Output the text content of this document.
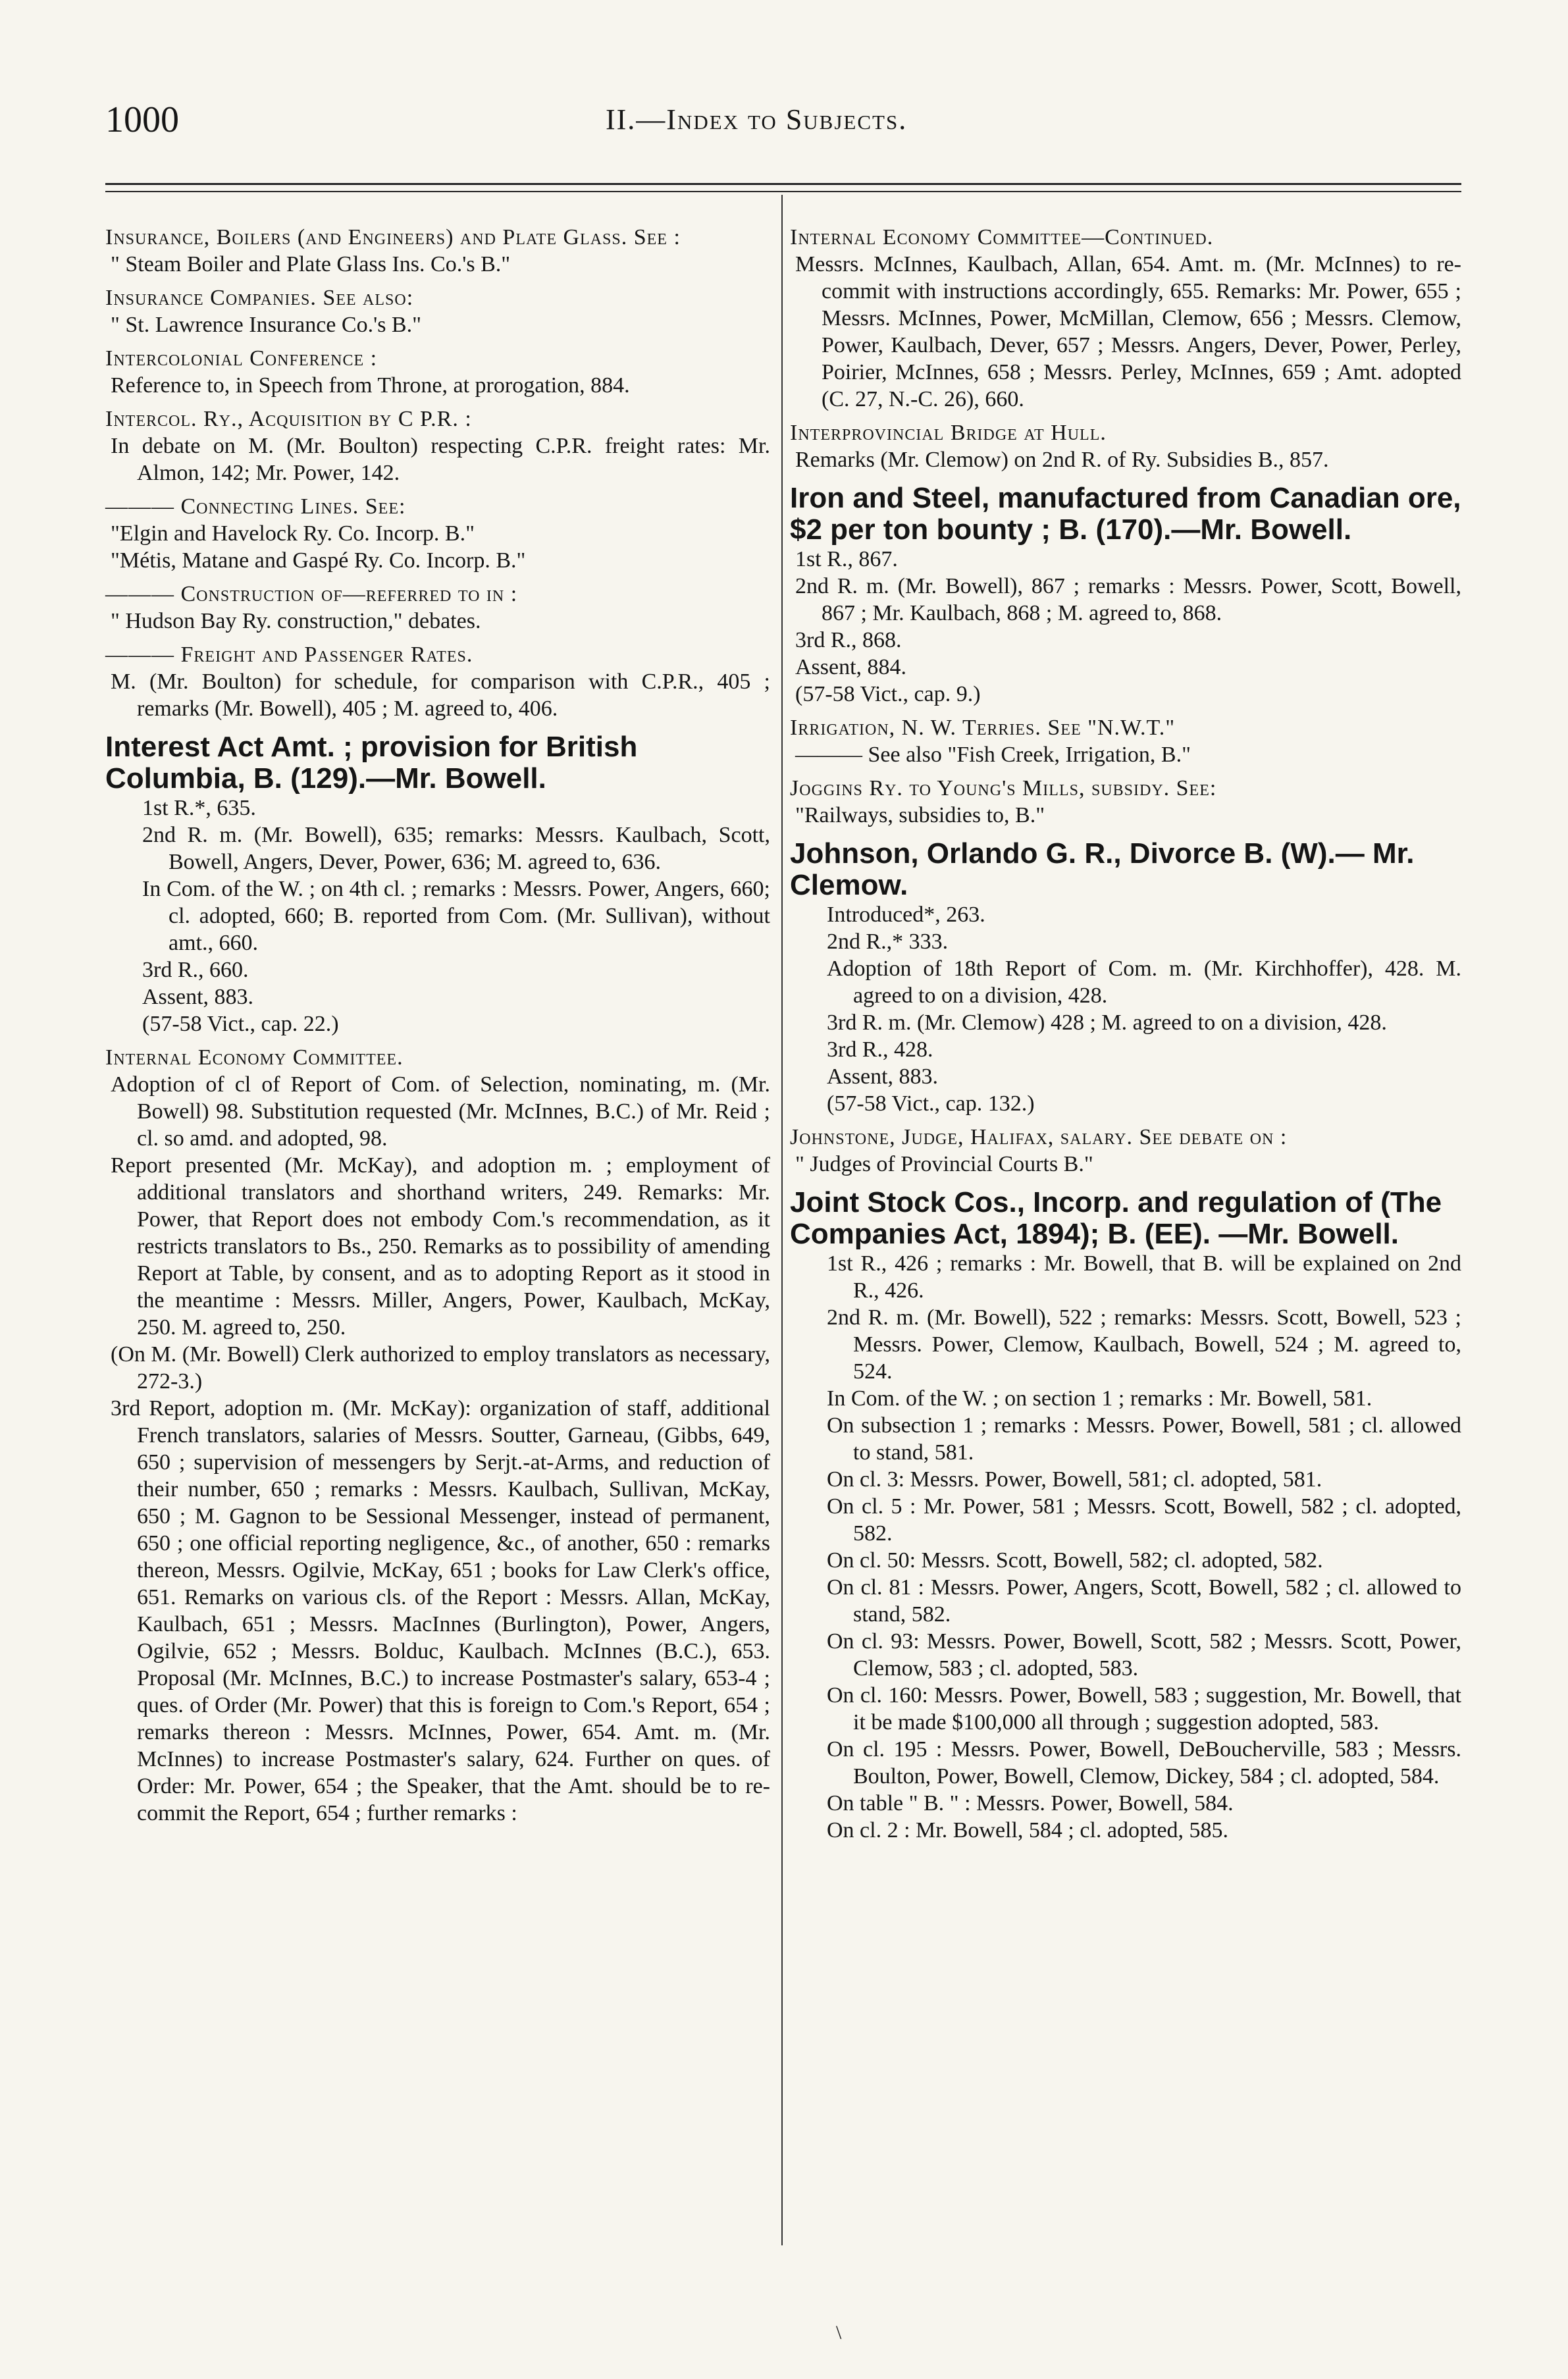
1000	II.—Index to Subjects.
Insurance, Boilers (and Engineers) and Plate Glass. See :
" Steam Boiler and Plate Glass Ins. Co.'s B."
Insurance Companies. See also:
" St. Lawrence Insurance Co.'s B."
Intercolonial Conference :
Reference to, in Speech from Throne, at prorogation, 884.
Intercol. Ry., Acquisition by C P.R. :
In debate on M. (Mr. Boulton) respecting C.P.R. freight rates: Mr. Almon, 142; Mr. Power, 142.
——— Connecting Lines. See:
"Elgin and Havelock Ry. Co. Incorp. B."
"Métis, Matane and Gaspé Ry. Co. Incorp. B."
——— Construction of—referred to in :
" Hudson Bay Ry. construction," debates.
——— Freight and Passenger Rates.
M. (Mr. Boulton) for schedule, for comparison with C.P.R., 405 ; remarks (Mr. Bowell), 405 ; M. agreed to, 406.
Interest Act Amt. ; provision for British Columbia, B. (129).—Mr. Bowell.
1st R.*, 635.
2nd R. m. (Mr. Bowell), 635; remarks: Messrs. Kaulbach, Scott, Bowell, Angers, Dever, Power, 636; M. agreed to, 636.
In Com. of the W. ; on 4th cl. ; remarks : Messrs. Power, Angers, 660; cl. adopted, 660; B. reported from Com. (Mr. Sullivan), without amt., 660.
3rd R., 660.
Assent, 883.
(57-58 Vict., cap. 22.)
Internal Economy Committee.
Adoption of cl of Report of Com. of Selection, nominating, m. (Mr. Bowell) 98. Substitution requested (Mr. McInnes, B.C.) of Mr. Reid ; cl. so amd. and adopted, 98.
Report presented (Mr. McKay), and adoption m. ; employment of additional translators and shorthand writers, 249. Remarks: Mr. Power, that Report does not embody Com.'s recommendation, as it restricts translators to Bs., 250. Remarks as to possibility of amending Report at Table, by consent, and as to adopting Report as it stood in the meantime : Messrs. Miller, Angers, Power, Kaulbach, McKay, 250. M. agreed to, 250.
(On M. (Mr. Bowell) Clerk authorized to employ translators as necessary, 272-3.)
3rd Report, adoption m. (Mr. McKay): organization of staff, additional French translators, salaries of Messrs. Soutter, Garneau, (Gibbs, 649, 650 ; supervision of messengers by Serjt.-at-Arms, and reduction of their number, 650 ; remarks : Messrs. Kaulbach, Sullivan, McKay, 650 ; M. Gagnon to be Sessional Messenger, instead of permanent, 650 ; one official reporting negligence, &c., of another, 650 : remarks thereon, Messrs. Ogilvie, McKay, 651 ; books for Law Clerk's office, 651. Remarks on various cls. of the Report : Messrs. Allan, McKay, Kaulbach, 651 ; Messrs. MacInnes (Burlington), Power, Angers, Ogilvie, 652 ; Messrs. Bolduc, Kaulbach. McInnes (B.C.), 653. Proposal (Mr. McInnes, B.C.) to increase Postmaster's salary, 653-4 ; ques. of Order (Mr. Power) that this is foreign to Com.'s Report, 654 ; remarks thereon : Messrs. McInnes, Power, 654. Amt. m. (Mr. McInnes) to increase Postmaster's salary, 624. Further on ques. of Order: Mr. Power, 654 ; the Speaker, that the Amt. should be to re-commit the Report, 654 ; further remarks :
Internal Economy Committee—Continued.
Messrs. McInnes, Kaulbach, Allan, 654. Amt. m. (Mr. McInnes) to re-commit with instructions accordingly, 655. Remarks: Mr. Power, 655 ; Messrs. McInnes, Power, McMillan, Clemow, 656 ; Messrs. Clemow, Power, Kaulbach, Dever, 657 ; Messrs. Angers, Dever, Power, Perley, Poirier, McInnes, 658 ; Messrs. Perley, McInnes, 659 ; Amt. adopted (C. 27, N.-C. 26), 660.
Interprovincial Bridge at Hull.
Remarks (Mr. Clemow) on 2nd R. of Ry. Subsidies B., 857.
Iron and Steel, manufactured from Canadian ore, $2 per ton bounty ; B. (170).—Mr. Bowell.
1st R., 867.
2nd R. m. (Mr. Bowell), 867 ; remarks : Messrs. Power, Scott, Bowell, 867 ; Mr. Kaulbach, 868 ; M. agreed to, 868.
3rd R., 868.
Assent, 884.
(57-58 Vict., cap. 9.)
Irrigation, N. W. Terries. See "N.W.T."
——— See also "Fish Creek, Irrigation, B."
Joggins Ry. to Young's Mills, subsidy. See:
"Railways, subsidies to, B."
Johnson, Orlando G. R., Divorce B. (W).— Mr. Clemow.
Introduced*, 263.
2nd R.,* 333.
Adoption of 18th Report of Com. m. (Mr. Kirchhoffer), 428. M. agreed to on a division, 428.
3rd R. m. (Mr. Clemow) 428 ; M. agreed to on a division, 428.
3rd R., 428.
Assent, 883.
(57-58 Vict., cap. 132.)
Johnstone, Judge, Halifax, salary. See debate on :
" Judges of Provincial Courts B."
Joint Stock Cos., Incorp. and regulation of (The Companies Act, 1894); B. (EE). —Mr. Bowell.
1st R., 426 ; remarks : Mr. Bowell, that B. will be explained on 2nd R., 426.
2nd R. m. (Mr. Bowell), 522 ; remarks: Messrs. Scott, Bowell, 523 ; Messrs. Power, Clemow, Kaulbach, Bowell, 524 ; M. agreed to, 524.
In Com. of the W. ; on section 1 ; remarks : Mr. Bowell, 581.
On subsection 1 ; remarks : Messrs. Power, Bowell, 581 ; cl. allowed to stand, 581.
On cl. 3: Messrs. Power, Bowell, 581; cl. adopted, 581.
On cl. 5 : Mr. Power, 581 ; Messrs. Scott, Bowell, 582 ; cl. adopted, 582.
On cl. 50: Messrs. Scott, Bowell, 582; cl. adopted, 582.
On cl. 81 : Messrs. Power, Angers, Scott, Bowell, 582 ; cl. allowed to stand, 582.
On cl. 93: Messrs. Power, Bowell, Scott, 582 ; Messrs. Scott, Power, Clemow, 583 ; cl. adopted, 583.
On cl. 160: Messrs. Power, Bowell, 583 ; suggestion, Mr. Bowell, that it be made $100,000 all through ; suggestion adopted, 583.
On cl. 195 : Messrs. Power, Bowell, DeBoucherville, 583 ; Messrs. Boulton, Power, Bowell, Clemow, Dickey, 584 ; cl. adopted, 584.
On table " B. " : Messrs. Power, Bowell, 584.
On cl. 2 : Mr. Bowell, 584 ; cl. adopted, 585.
\
